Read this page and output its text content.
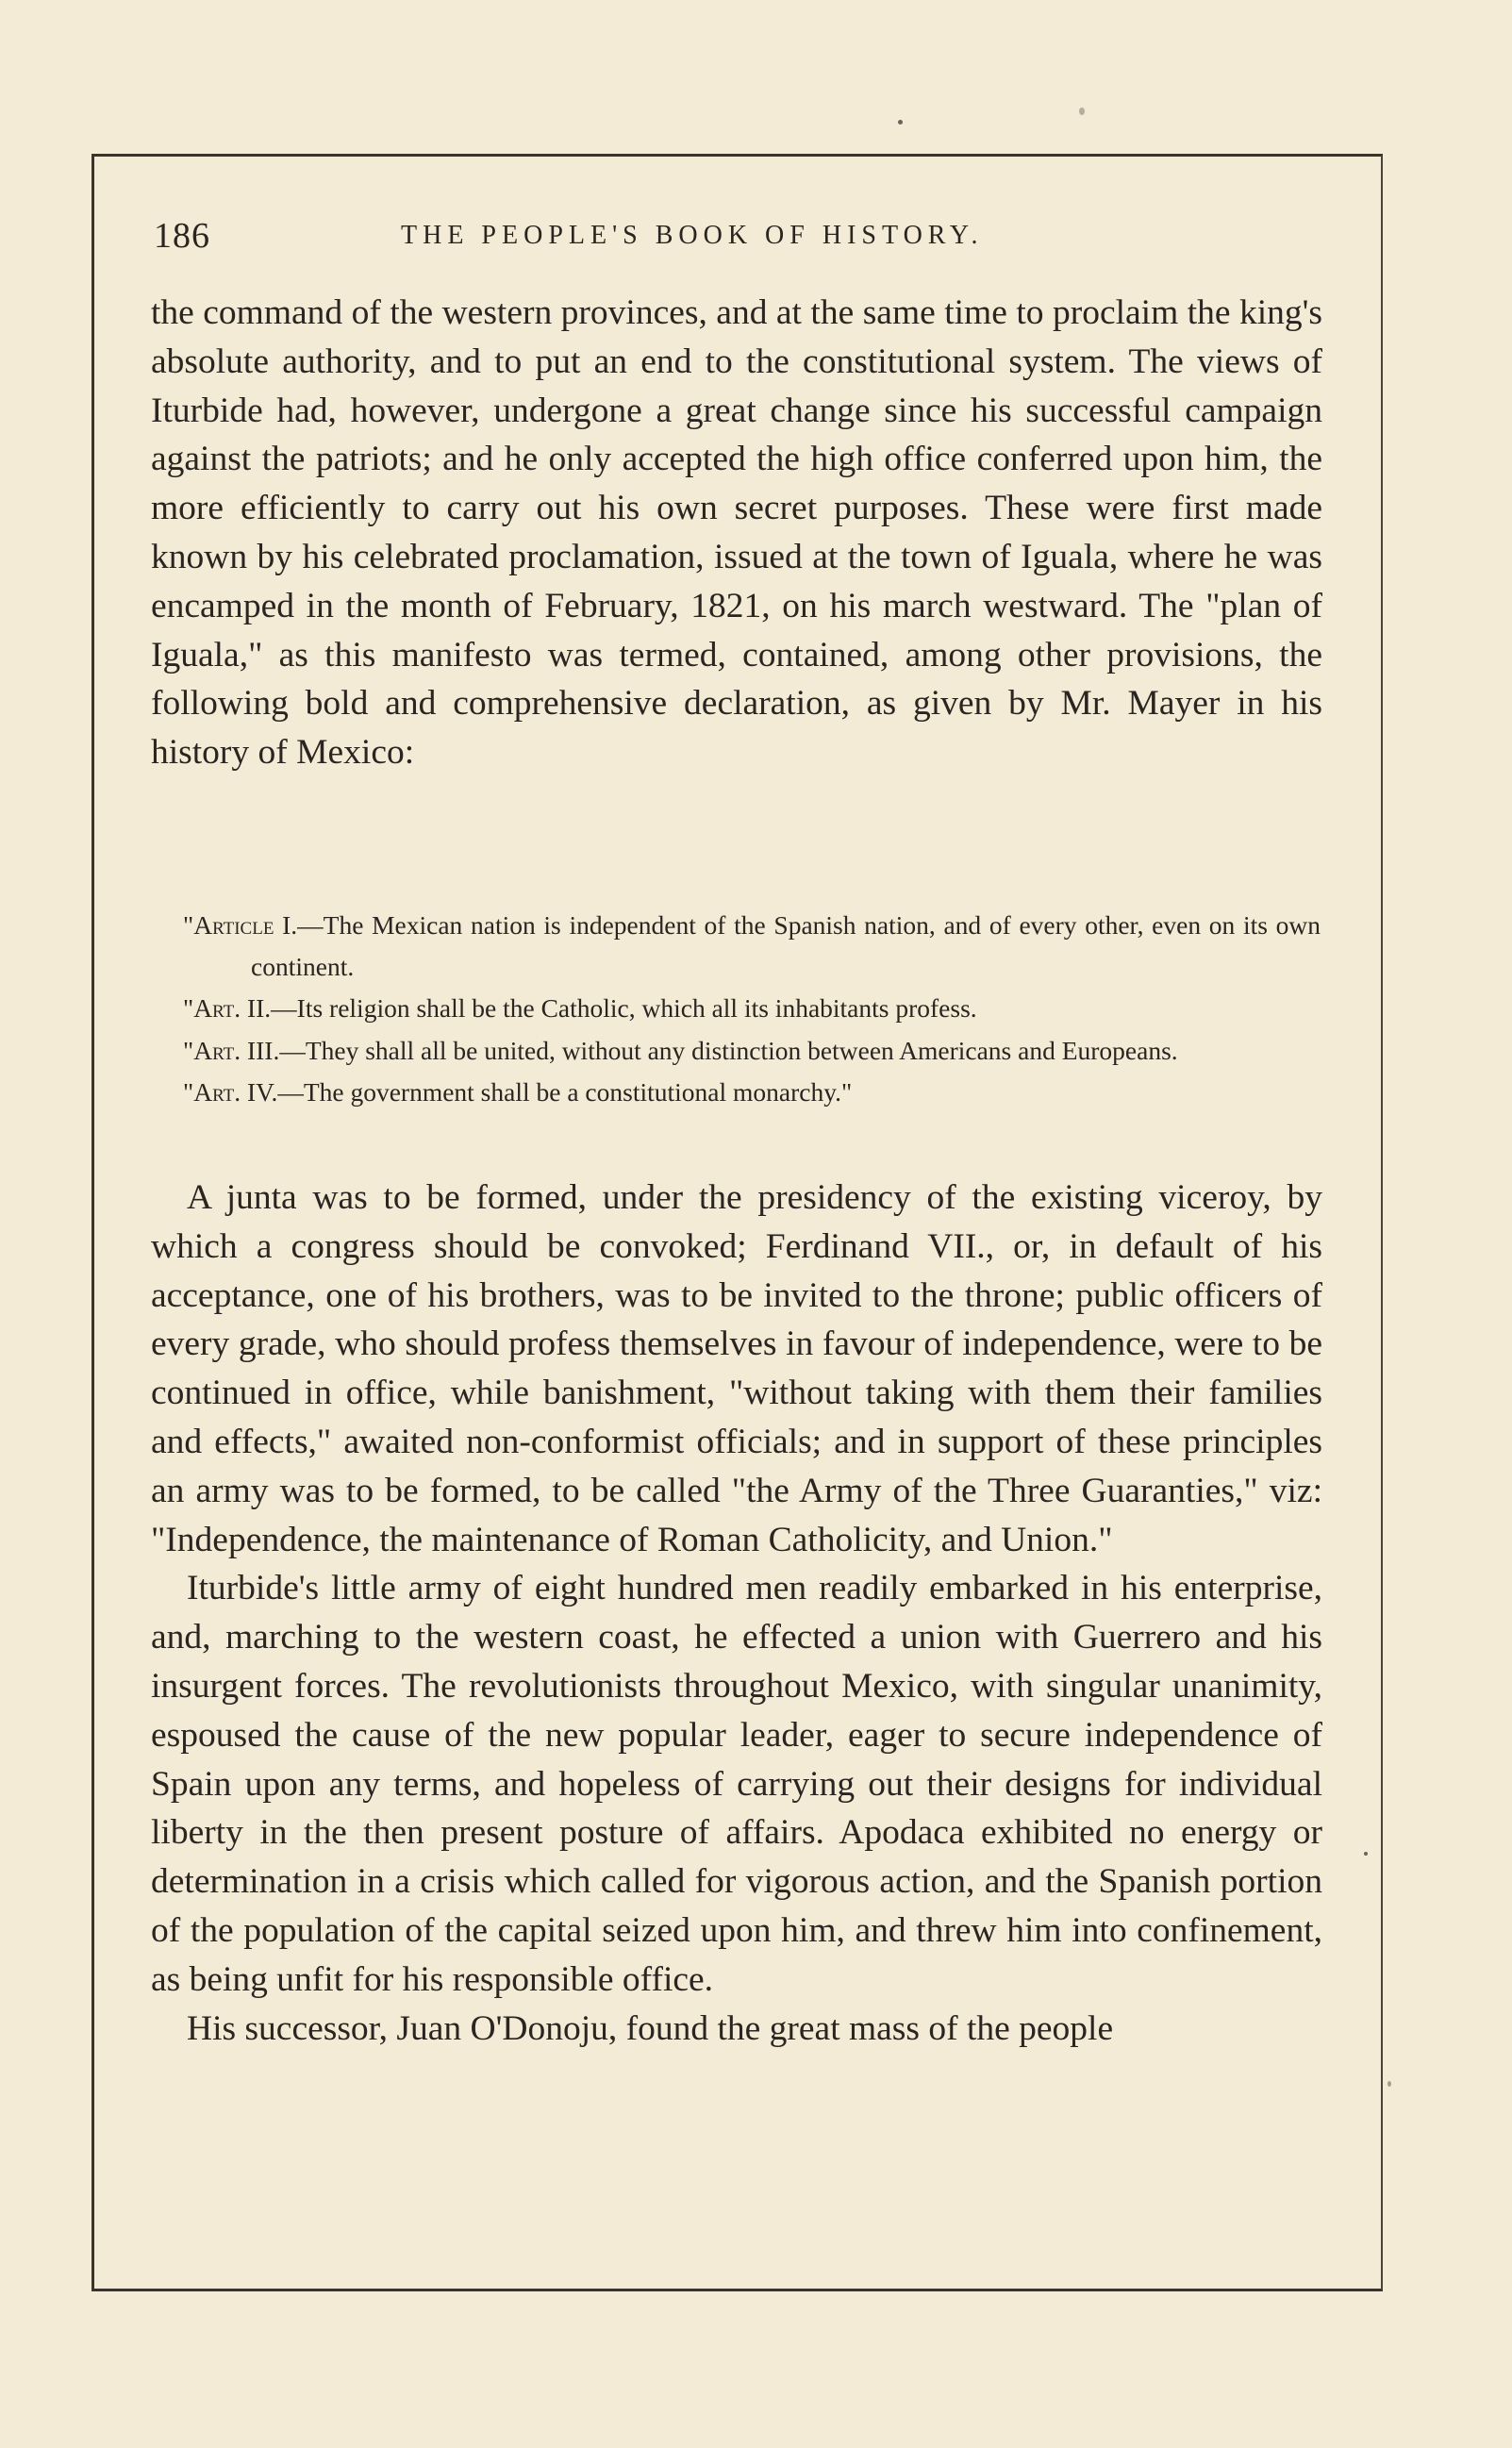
186	THE PEOPLE'S BOOK OF HISTORY.

the command of the western provinces, and at the same time to proclaim the king's absolute authority, and to put an end to the constitutional system. The views of Iturbide had, however, undergone a great change since his successful campaign against the patriots; and he only accepted the high office conferred upon him, the more efficiently to carry out his own secret purposes. These were first made known by his celebrated proclamation, issued at the town of Iguala, where he was encamped in the month of February, 1821, on his march westward. The "plan of Iguala," as this manifesto was termed, contained, among other provisions, the following bold and comprehensive declaration, as given by Mr. Mayer in his history of Mexico:

"Article I.—The Mexican nation is independent of the Spanish nation, and of every other, even on its own continent.

"Art. II.—Its religion shall be the Catholic, which all its inhabitants profess.

"Art. III.—They shall all be united, without any distinction between Americans and Europeans.

"Art. IV.—The government shall be a constitutional monarchy."

A junta was to be formed, under the presidency of the existing viceroy, by which a congress should be convoked; Ferdinand VII., or, in default of his acceptance, one of his brothers, was to be invited to the throne; public officers of every grade, who should profess themselves in favour of independence, were to be continued in office, while banishment, "without taking with them their families and effects," awaited non-conformist officials; and in support of these principles an army was to be formed, to be called "the Army of the Three Guaranties," viz: "Independence, the maintenance of Roman Catholicity, and Union."

Iturbide's little army of eight hundred men readily embarked in his enterprise, and, marching to the western coast, he effected a union with Guerrero and his insurgent forces. The revolutionists throughout Mexico, with singular unanimity, espoused the cause of the new popular leader, eager to secure independence of Spain upon any terms, and hopeless of carrying out their designs for individual liberty in the then present posture of affairs. Apodaca exhibited no energy or determination in a crisis which called for vigorous action, and the Spanish portion of the population of the capital seized upon him, and threw him into confinement, as being unfit for his responsible office.

His successor, Juan O'Donoju, found the great mass of the people
